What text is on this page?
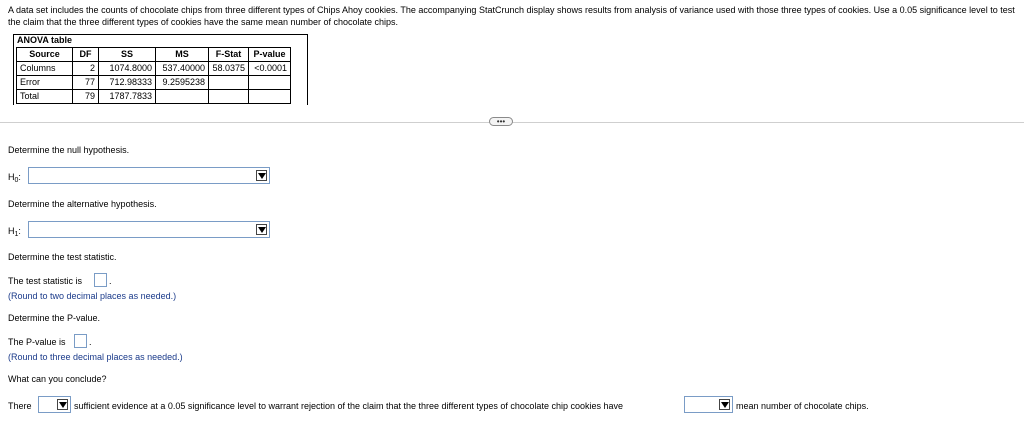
A data set includes the counts of chocolate chips from three different types of Chips Ahoy cookies. The accompanying StatCrunch display shows results from analysis of variance used with those three types of cookies. Use a 0.05 significance level to test the claim that the three different types of cookies have the same mean number of chocolate chips.
ANOVA table
Source	DF	SS	MS	F-Stat	P-value
Columns	2	1074.8000	537.40000	58.0375	<0.0001
Error	77	712.98333	9.2595238		
Total	79	1787.7833			
•••
Determine the null hypothesis.
$H_0$:
Determine the alternative hypothesis.
$H_1$:
Determine the test statistic.
The test statistic is	.
(Round to two decimal places as needed.)
Determine the P-value.
The P-value is	.
(Round to three decimal places as needed.)
What can you conclude?
There	sufficient evidence at a 0.05 significance level to warrant rejection of the claim that the three different types of chocolate chip cookies have	mean number of chocolate chips.
